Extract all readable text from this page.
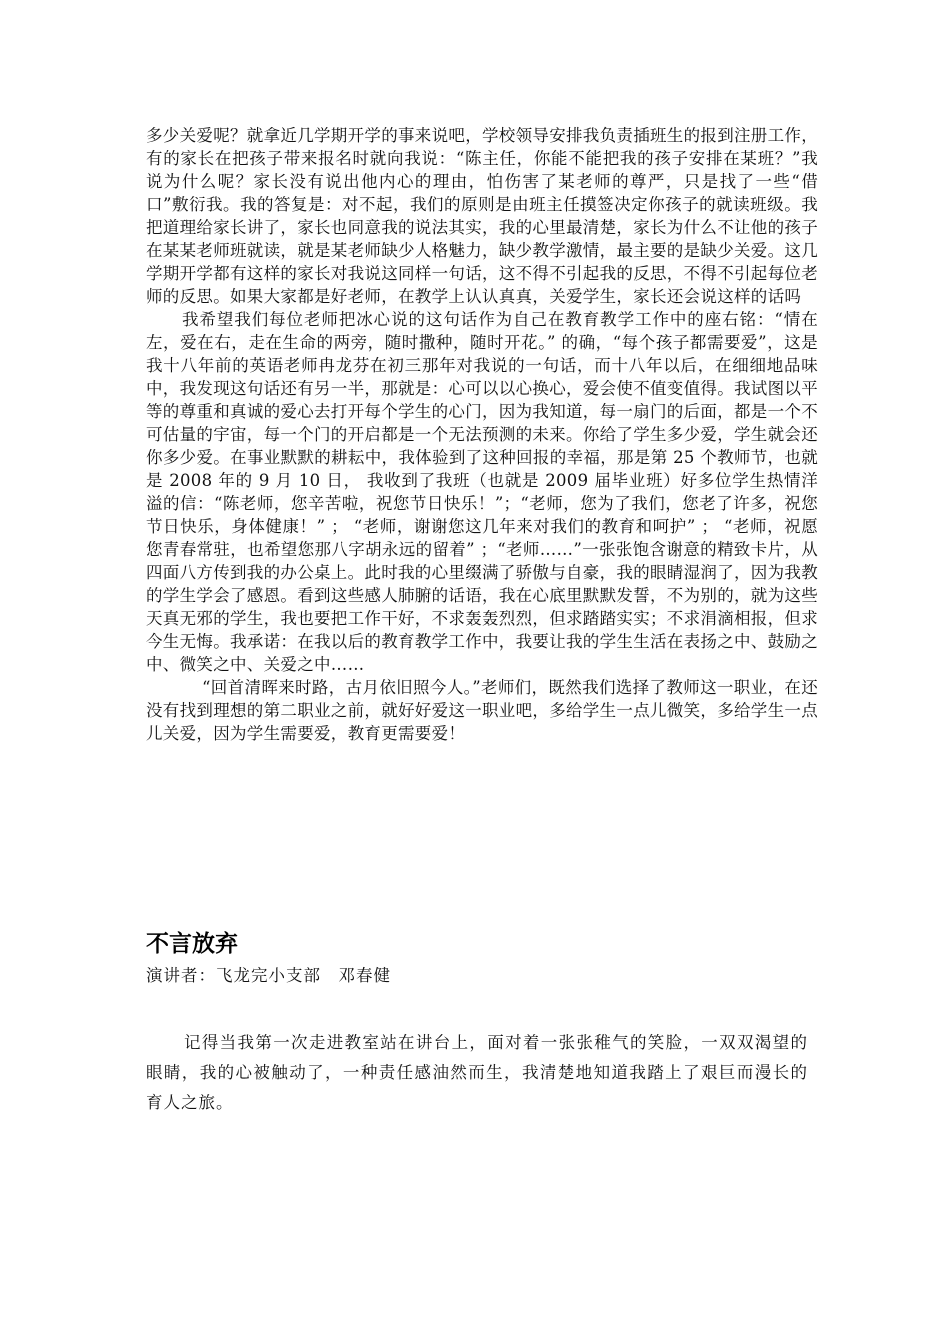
多少关爱呢？就拿近几学期开学的事来说吧，学校领导安排我负责插班生的报到注册工作，有的家长在把孩子带来报名时就向我说：“陈主任，你能不能把我的孩子安排在某班？”我说为什么呢？家长没有说出他内心的理由，怕伤害了某老师的尊严，只是找了一些“借口”敷衍我。我的答复是：对不起，我们的原则是由班主任摸签决定你孩子的就读班级。我把道理给家长讲了，家长也同意我的说法其实，我的心里最清楚，家长为什么不让他的孩子在某某老师班就读，就是某老师缺少人格魅力，缺少教学激情，最主要的是缺少关爱。这几学期开学都有这样的家长对我说这同样一句话，这不得不引起我的反思，不得不引起每位老师的反思。如果大家都是好老师，在教学上认认真真，关爱学生，家长还会说这样的话吗

我希望我们每位老师把冰心说的这句话作为自己在教育教学工作中的座右铭：“情在左，爱在右，走在生命的两旁，随时撒种，随时开花。” 的确，“每个孩子都需要爱”，这是我十八年前的英语老师冉龙芬在初三那年对我说的一句话，而十八年以后，在细细地品味中，我发现这句话还有另一半，那就是：心可以以心换心，爱会使不值变值得。我试图以平等的尊重和真诚的爱心去打开每个学生的心门，因为我知道，每一扇门的后面，都是一个不可估量的宇宙，每一个门的开启都是一个无法预测的未来。你给了学生多少爱，学生就会还你多少爱。在事业默默的耕耘中，我体验到了这种回报的幸福，那是第 25 个教师节，也就是 2008 年的 9 月 10 日， 我收到了我班（也就是 2009 届毕业班）好多位学生热情洋溢的信：“陈老师，您辛苦啦，祝您节日快乐！”；“老师，您为了我们，您老了许多，祝您节日快乐，身体健康！” ； “老师，谢谢您这几年来对我们的教育和呵护” ； “老师，祝愿您青春常驻，也希望您那八字胡永远的留着” ；“老师……”一张张饱含谢意的精致卡片，从四面八方传到我的办公桌上。此时我的心里缀满了骄傲与自豪，我的眼睛湿润了，因为我教的学生学会了感恩。看到这些感人肺腑的话语，我在心底里默默发誓，不为别的，就为这些天真无邪的学生，我也要把工作干好，不求轰轰烈烈，但求踏踏实实；不求涓滴相报，但求今生无悔。我承诺：在我以后的教育教学工作中，我要让我的学生生活在表扬之中、鼓励之中、微笑之中、关爱之中……

“回首清晖来时路，古月依旧照今人。”老师们，既然我们选择了教师这一职业，在还没有找到理想的第二职业之前，就好好爱这一职业吧，多给学生一点儿微笑，多给学生一点儿关爱，因为学生需要爱，教育更需要爱！

不言放弃

演讲者：飞龙完小支部　邓春健

记得当我第一次走进教室站在讲台上，面对着一张张稚气的笑脸，一双双渴望的眼睛，我的心被触动了，一种责任感油然而生，我清楚地知道我踏上了艰巨而漫长的育人之旅。
